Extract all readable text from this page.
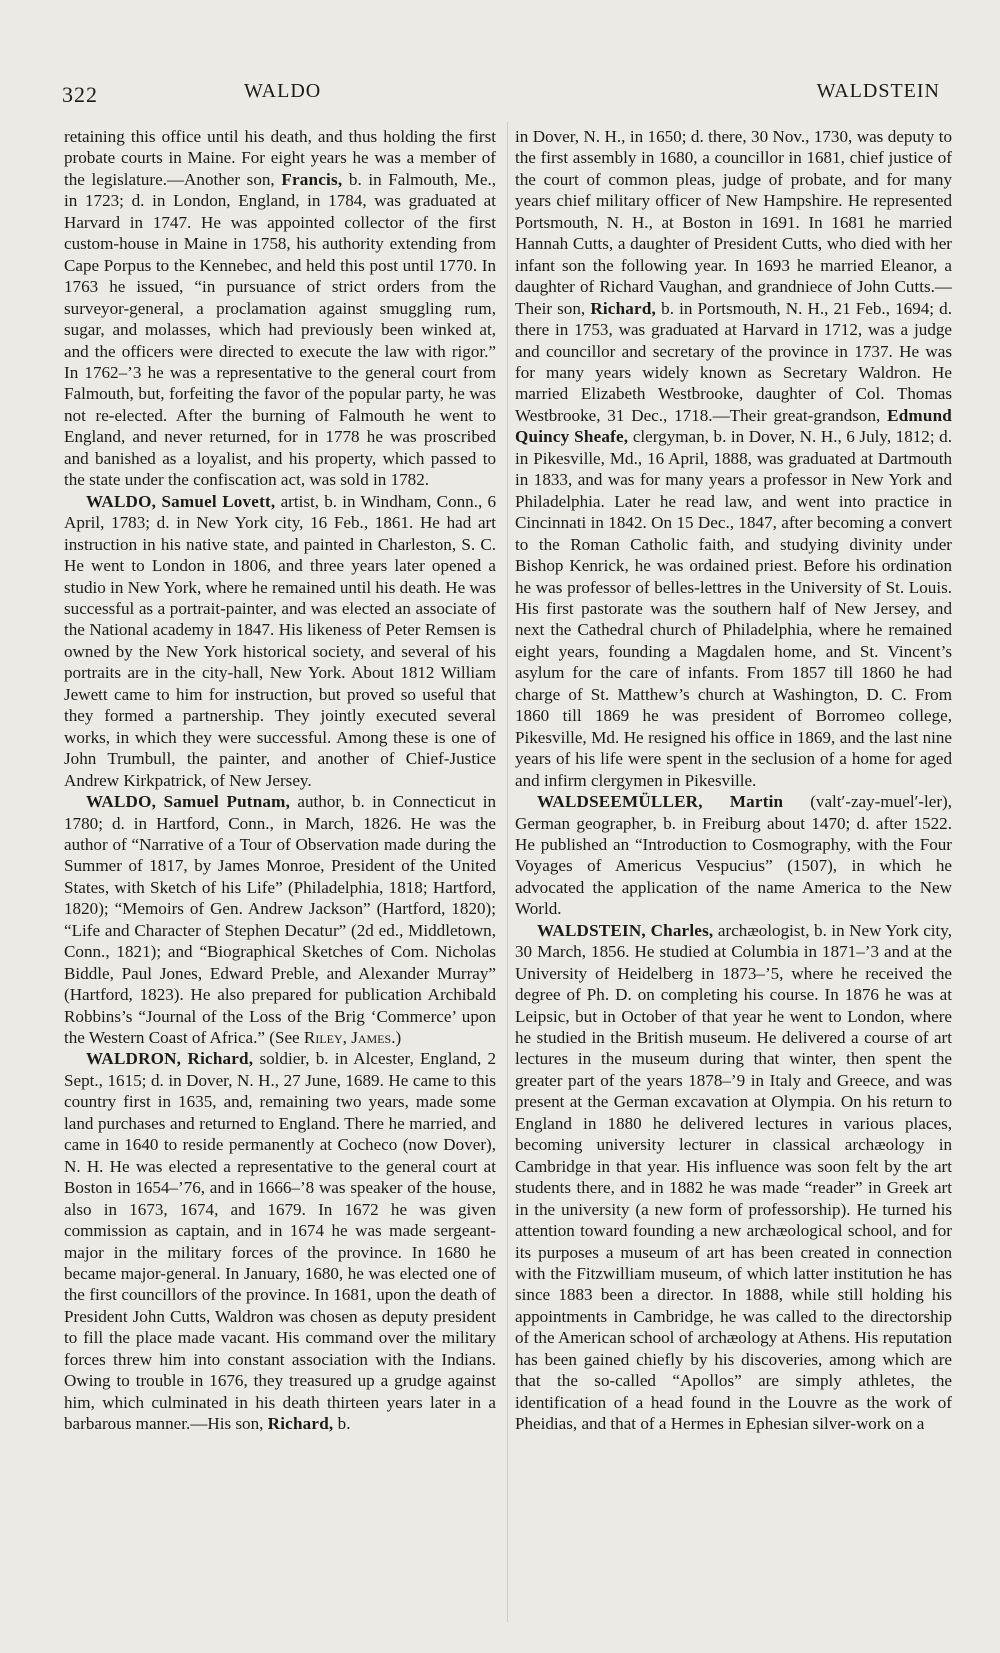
322	WALDO	WALDSTEIN

retaining this office until his death, and thus holding the first probate courts in Maine. For eight years he was a member of the legislature.—Another son, Francis, b. in Falmouth, Me., in 1723; d. in London, England, in 1784, was graduated at Harvard in 1747. He was appointed collector of the first custom-house in Maine in 1758, his authority extending from Cape Porpus to the Kennebec, and held this post until 1770. In 1763 he issued, “in pursuance of strict orders from the surveyor-general, a proclamation against smuggling rum, sugar, and molasses, which had previously been winked at, and the officers were directed to execute the law with rigor.” In 1762–’3 he was a representative to the general court from Falmouth, but, forfeiting the favor of the popular party, he was not re-elected. After the burning of Falmouth he went to England, and never returned, for in 1778 he was proscribed and banished as a loyalist, and his property, which passed to the state under the confiscation act, was sold in 1782.

WALDO, Samuel Lovett, artist, b. in Windham, Conn., 6 April, 1783; d. in New York city, 16 Feb., 1861. He had art instruction in his native state, and painted in Charleston, S. C. He went to London in 1806, and three years later opened a studio in New York, where he remained until his death. He was successful as a portrait-painter, and was elected an associate of the National academy in 1847. His likeness of Peter Remsen is owned by the New York historical society, and several of his portraits are in the city-hall, New York. About 1812 William Jewett came to him for instruction, but proved so useful that they formed a partnership. They jointly executed several works, in which they were successful. Among these is one of John Trumbull, the painter, and another of Chief-Justice Andrew Kirkpatrick, of New Jersey.

WALDO, Samuel Putnam, author, b. in Connecticut in 1780; d. in Hartford, Conn., in March, 1826. He was the author of “Narrative of a Tour of Observation made during the Summer of 1817, by James Monroe, President of the United States, with Sketch of his Life” (Philadelphia, 1818; Hartford, 1820); “Memoirs of Gen. Andrew Jackson” (Hartford, 1820); “Life and Character of Stephen Decatur” (2d ed., Middletown, Conn., 1821); and “Biographical Sketches of Com. Nicholas Biddle, Paul Jones, Edward Preble, and Alexander Murray” (Hartford, 1823). He also prepared for publication Archibald Robbins’s “Journal of the Loss of the Brig ‘Commerce’ upon the Western Coast of Africa.” (See Riley, James.)

WALDRON, Richard, soldier, b. in Alcester, England, 2 Sept., 1615; d. in Dover, N. H., 27 June, 1689. He came to this country first in 1635, and, remaining two years, made some land purchases and returned to England. There he married, and came in 1640 to reside permanently at Cocheco (now Dover), N. H. He was elected a representative to the general court at Boston in 1654–’76, and in 1666–’8 was speaker of the house, also in 1673, 1674, and 1679. In 1672 he was given commission as captain, and in 1674 he was made sergeant-major in the military forces of the province. In 1680 he became major-general. In January, 1680, he was elected one of the first councillors of the province. In 1681, upon the death of President John Cutts, Waldron was chosen as deputy president to fill the place made vacant. His command over the military forces threw him into constant association with the Indians. Owing to trouble in 1676, they treasured up a grudge against him, which culminated in his death thirteen years later in a barbarous manner.—His son, Richard, b.

in Dover, N. H., in 1650; d. there, 30 Nov., 1730, was deputy to the first assembly in 1680, a councillor in 1681, chief justice of the court of common pleas, judge of probate, and for many years chief military officer of New Hampshire. He represented Portsmouth, N. H., at Boston in 1691. In 1681 he married Hannah Cutts, a daughter of President Cutts, who died with her infant son the following year. In 1693 he married Eleanor, a daughter of Richard Vaughan, and grandniece of John Cutts.—Their son, Richard, b. in Portsmouth, N. H., 21 Feb., 1694; d. there in 1753, was graduated at Harvard in 1712, was a judge and councillor and secretary of the province in 1737. He was for many years widely known as Secretary Waldron. He married Elizabeth Westbrooke, daughter of Col. Thomas Westbrooke, 31 Dec., 1718.—Their great-grandson, Edmund Quincy Sheafe, clergyman, b. in Dover, N. H., 6 July, 1812; d. in Pikesville, Md., 16 April, 1888, was graduated at Dartmouth in 1833, and was for many years a professor in New York and Philadelphia. Later he read law, and went into practice in Cincinnati in 1842. On 15 Dec., 1847, after becoming a convert to the Roman Catholic faith, and studying divinity under Bishop Kenrick, he was ordained priest. Before his ordination he was professor of belles-lettres in the University of St. Louis. His first pastorate was the southern half of New Jersey, and next the Cathedral church of Philadelphia, where he remained eight years, founding a Magdalen home, and St. Vincent’s asylum for the care of infants. From 1857 till 1860 he had charge of St. Matthew’s church at Washington, D. C. From 1860 till 1869 he was president of Borromeo college, Pikesville, Md. He resigned his office in 1869, and the last nine years of his life were spent in the seclusion of a home for aged and infirm clergymen in Pikesville.

WALDSEEMÜLLER, Martin (valt′-zay-muel′-ler), German geographer, b. in Freiburg about 1470; d. after 1522. He published an “Introduction to Cosmography, with the Four Voyages of Americus Vespucius” (1507), in which he advocated the application of the name America to the New World.

WALDSTEIN, Charles, archæologist, b. in New York city, 30 March, 1856. He studied at Columbia in 1871–’3 and at the University of Heidelberg in 1873–’5, where he received the degree of Ph. D. on completing his course. In 1876 he was at Leipsic, but in October of that year he went to London, where he studied in the British museum. He delivered a course of art lectures in the museum during that winter, then spent the greater part of the years 1878–’9 in Italy and Greece, and was present at the German excavation at Olympia. On his return to England in 1880 he delivered lectures in various places, becoming university lecturer in classical archæology in Cambridge in that year. His influence was soon felt by the art students there, and in 1882 he was made “reader” in Greek art in the university (a new form of professorship). He turned his attention toward founding a new archæological school, and for its purposes a museum of art has been created in connection with the Fitzwilliam museum, of which latter institution he has since 1883 been a director. In 1888, while still holding his appointments in Cambridge, he was called to the directorship of the American school of archæology at Athens. His reputation has been gained chiefly by his discoveries, among which are that the so-called “Apollos” are simply athletes, the identification of a head found in the Louvre as the work of Pheidias, and that of a Hermes in Ephesian silver-work on a
